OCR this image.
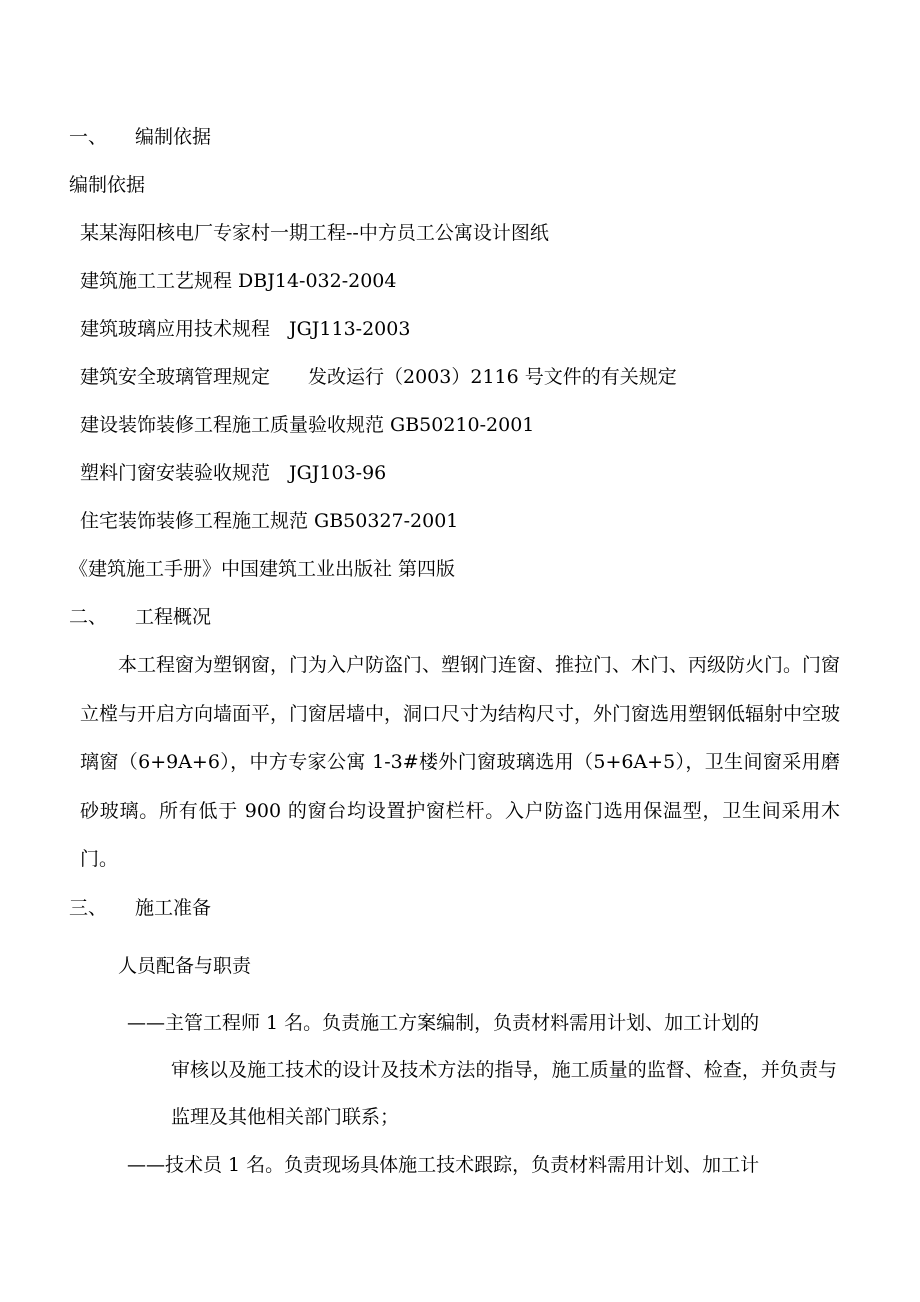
一、 编制依据
编制依据
某某海阳核电厂专家村一期工程--中方员工公寓设计图纸
建筑施工工艺规程 DBJ14-032-2004
建筑玻璃应用技术规程　JGJ113-2003
建筑安全玻璃管理规定　　发改运行（2003）2116 号文件的有关规定
建设装饰装修工程施工质量验收规范 GB50210-2001
塑料门窗安装验收规范　JGJ103-96
住宅装饰装修工程施工规范 GB50327-2001
《建筑施工手册》中国建筑工业出版社 第四版
二、 工程概况
本工程窗为塑钢窗，门为入户防盗门、塑钢门连窗、推拉门、木门、丙级防火门。门窗立樘与开启方向墙面平，门窗居墙中，洞口尺寸为结构尺寸，外门窗选用塑钢低辐射中空玻璃窗（6+9A+6），中方专家公寓 1-3#楼外门窗玻璃选用（5+6A+5），卫生间窗采用磨砂玻璃。所有低于 900 的窗台均设置护窗栏杆。入户防盗门选用保温型，卫生间采用木门。
三、 施工准备
人员配备与职责
——主管工程师 1 名。负责施工方案编制，负责材料需用计划、加工计划的
审核以及施工技术的设计及技术方法的指导，施工质量的监督、检查，并负责与监理及其他相关部门联系；
——技术员 1 名。负责现场具体施工技术跟踪，负责材料需用计划、加工计
